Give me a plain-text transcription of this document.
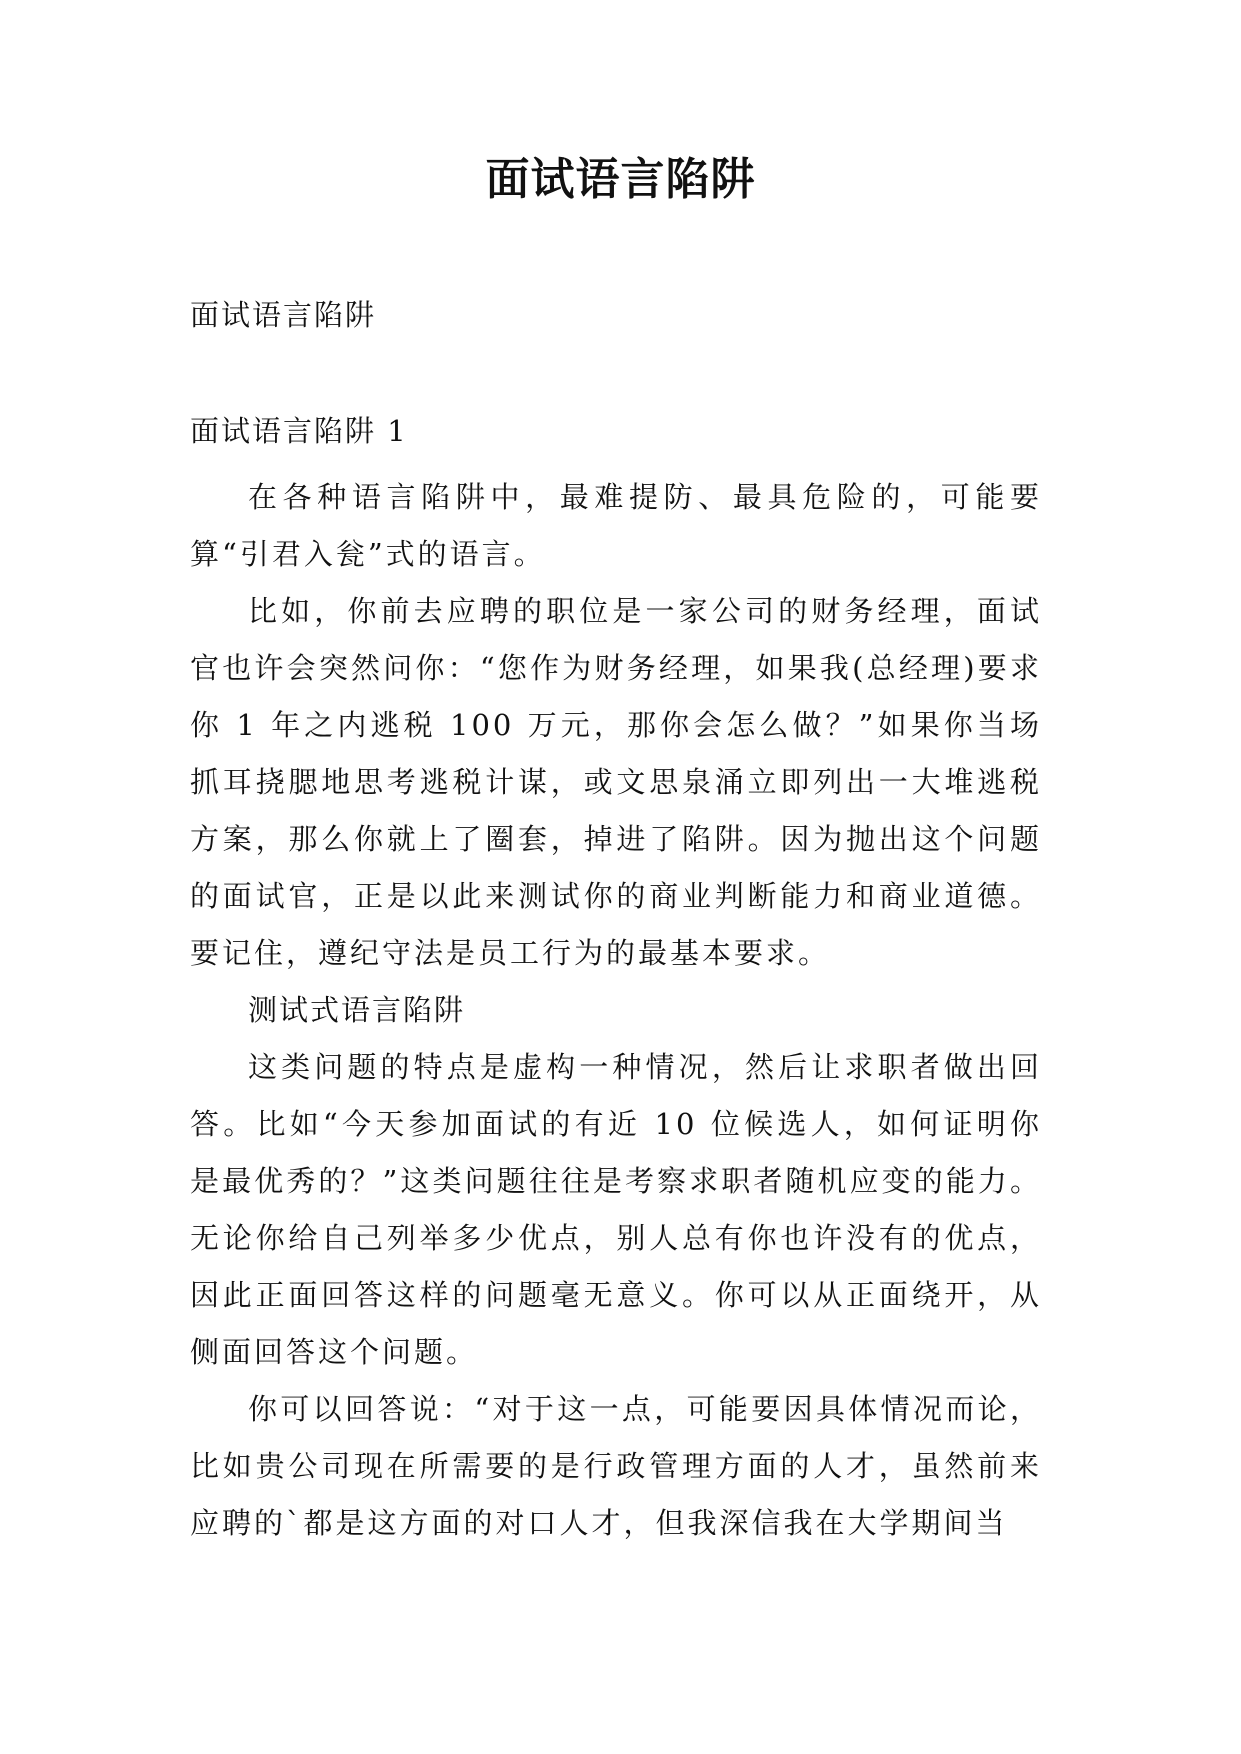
面试语言陷阱
面试语言陷阱
面试语言陷阱 1

在各种语言陷阱中，最难提防、最具危险的，可能要算“引君入瓮”式的语言。

比如，你前去应聘的职位是一家公司的财务经理，面试官也许会突然问你：“您作为财务经理，如果我(总经理)要求你 1 年之内逃税 100 万元，那你会怎么做？”如果你当场抓耳挠腮地思考逃税计谋，或文思泉涌立即列出一大堆逃税方案，那么你就上了圈套，掉进了陷阱。因为抛出这个问题的面试官，正是以此来测试你的商业判断能力和商业道德。要记住，遵纪守法是员工行为的最基本要求。

测试式语言陷阱

这类问题的特点是虚构一种情况，然后让求职者做出回答。比如“今天参加面试的有近 10 位候选人，如何证明你是最优秀的？”这类问题往往是考察求职者随机应变的能力。无论你给自己列举多少优点，别人总有你也许没有的优点，因此正面回答这样的问题毫无意义。你可以从正面绕开，从侧面回答这个问题。

你可以回答说：“对于这一点，可能要因具体情况而论，比如贵公司现在所需要的是行政管理方面的人才，虽然前来应聘的`都是这方面的对口人才，但我深信我在大学期间当
